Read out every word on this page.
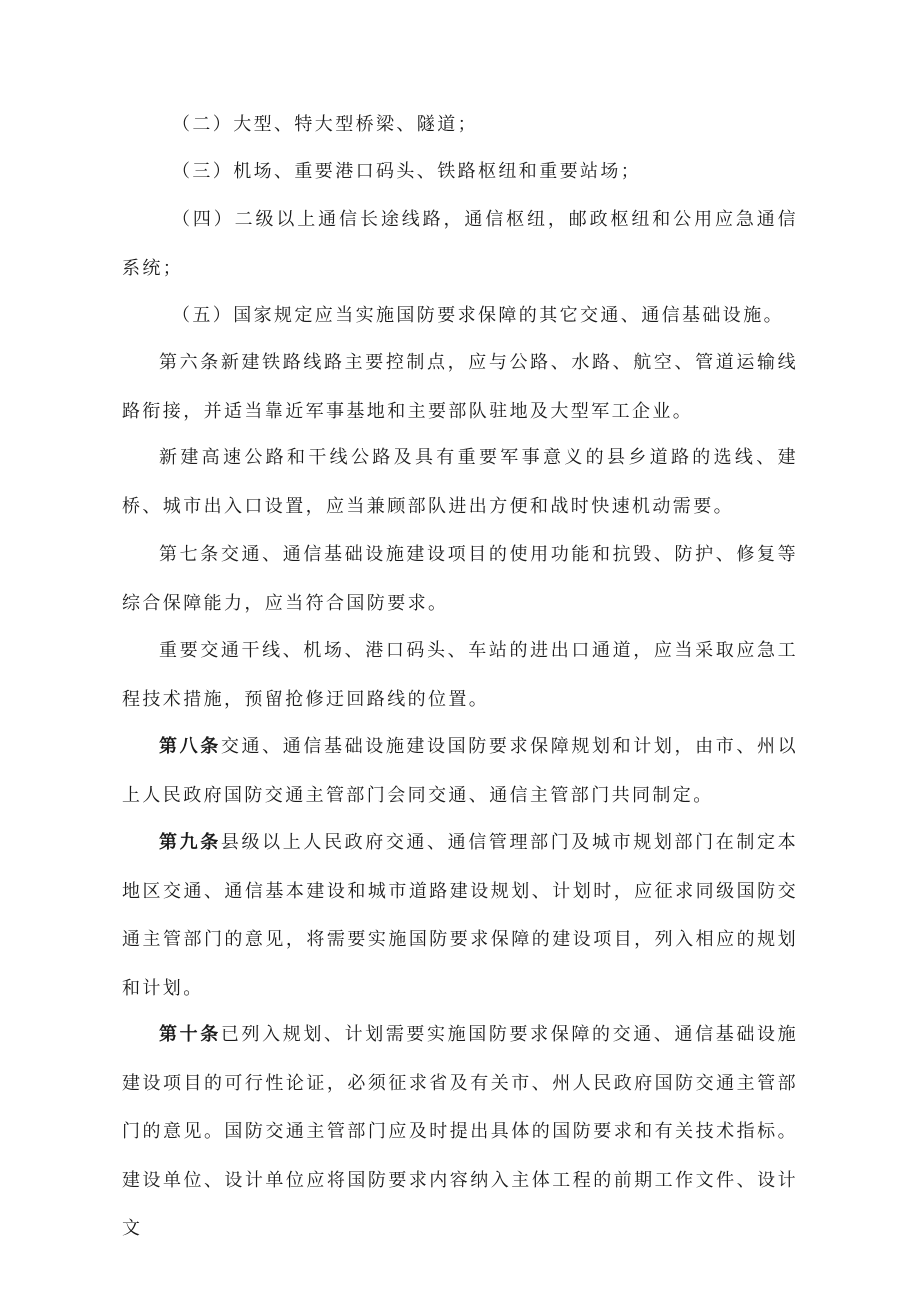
（二）大型、特大型桥梁、隧道；

（三）机场、重要港口码头、铁路枢纽和重要站场；

（四）二级以上通信长途线路，通信枢纽，邮政枢纽和公用应急通信系统；

（五）国家规定应当实施国防要求保障的其它交通、通信基础设施。

第六条新建铁路线路主要控制点，应与公路、水路、航空、管道运输线路衔接，并适当靠近军事基地和主要部队驻地及大型军工企业。

新建高速公路和干线公路及具有重要军事意义的县乡道路的选线、建桥、城市出入口设置，应当兼顾部队进出方便和战时快速机动需要。

第七条交通、通信基础设施建设项目的使用功能和抗毁、防护、修复等综合保障能力，应当符合国防要求。

重要交通干线、机场、港口码头、车站的进出口通道，应当采取应急工程技术措施，预留抢修迂回路线的位置。

第八条交通、通信基础设施建设国防要求保障规划和计划，由市、州以上人民政府国防交通主管部门会同交通、通信主管部门共同制定。

第九条县级以上人民政府交通、通信管理部门及城市规划部门在制定本地区交通、通信基本建设和城市道路建设规划、计划时，应征求同级国防交通主管部门的意见，将需要实施国防要求保障的建设项目，列入相应的规划和计划。

第十条已列入规划、计划需要实施国防要求保障的交通、通信基础设施建设项目的可行性论证，必须征求省及有关市、州人民政府国防交通主管部门的意见。国防交通主管部门应及时提出具体的国防要求和有关技术指标。建设单位、设计单位应将国防要求内容纳入主体工程的前期工作文件、设计文
